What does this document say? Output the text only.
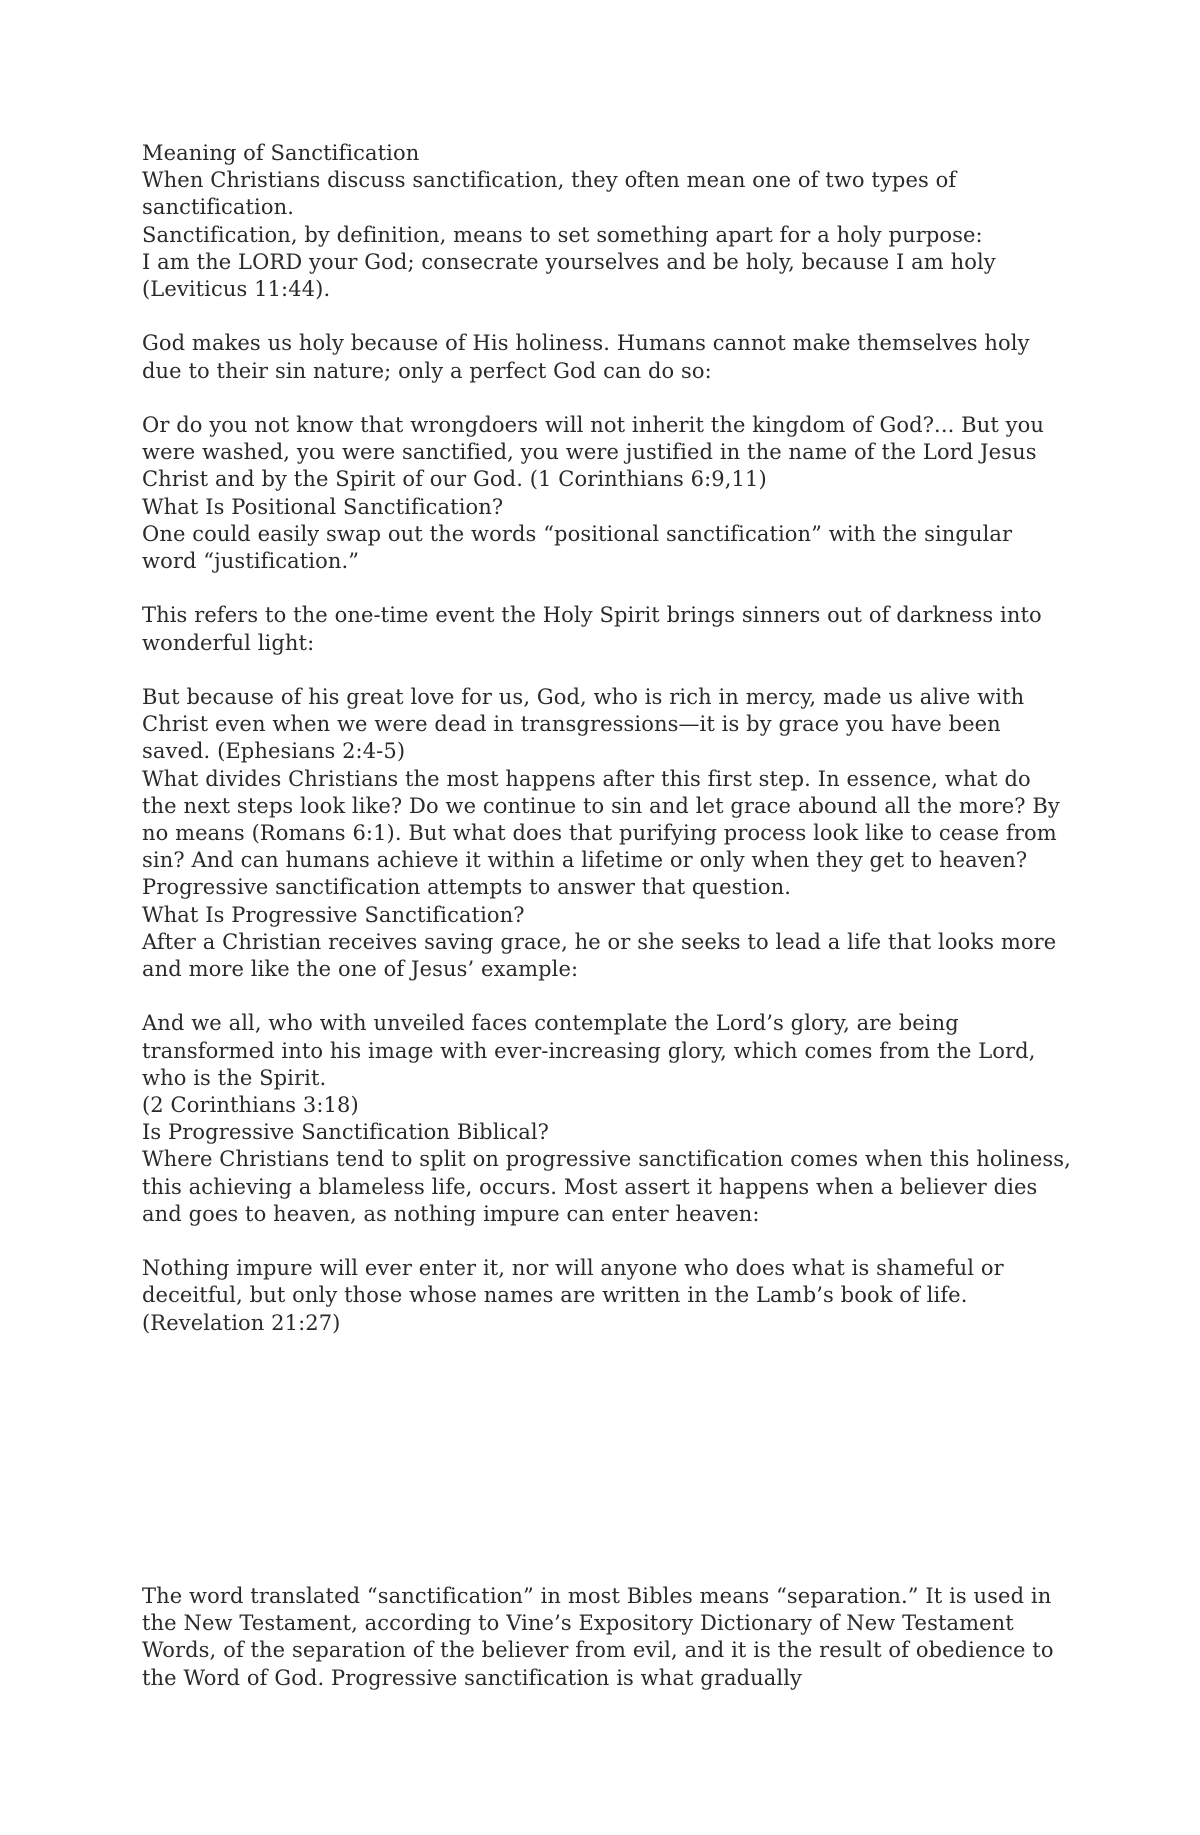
Meaning of Sanctification

When Christians discuss sanctification, they often mean one of two types of sanctification.

Sanctification, by definition, means to set something apart for a holy purpose:

I am the LORD your God; consecrate yourselves and be holy, because I am holy (Leviticus 11:44).

God makes us holy because of His holiness. Humans cannot make themselves holy due to their sin nature; only a perfect God can do so:

Or do you not know that wrongdoers will not inherit the kingdom of God?... But you were washed, you were sanctified, you were justified in the name of the Lord Jesus Christ and by the Spirit of our God. (1 Corinthians 6:9,11)

What Is Positional Sanctification?

One could easily swap out the words “positional sanctification” with the singular word “justification.”

This refers to the one-time event the Holy Spirit brings sinners out of darkness into wonderful light:

But because of his great love for us, God, who is rich in mercy, made us alive with Christ even when we were dead in transgressions—it is by grace you have been saved. (Ephesians 2:4-5)

What divides Christians the most happens after this first step. In essence, what do the next steps look like? Do we continue to sin and let grace abound all the more? By no means (Romans 6:1). But what does that purifying process look like to cease from sin? And can humans achieve it within a lifetime or only when they get to heaven? Progressive sanctification attempts to answer that question.

What Is Progressive Sanctification?

After a Christian receives saving grace, he or she seeks to lead a life that looks more and more like the one of Jesus’ example:

And we all, who with unveiled faces contemplate the Lord’s glory, are being transformed into his image with ever-increasing glory, which comes from the Lord, who is the Spirit.

(2 Corinthians 3:18)

Is Progressive Sanctification Biblical?

Where Christians tend to split on progressive sanctification comes when this holiness, this achieving a blameless life, occurs. Most assert it happens when a believer dies and goes to heaven, as nothing impure can enter heaven:

Nothing impure will ever enter it, nor will anyone who does what is shameful or deceitful, but only those whose names are written in the Lamb’s book of life. (Revelation 21:27)

The word translated “sanctification” in most Bibles means “separation.” It is used in the New Testament, according to Vine’s Expository Dictionary of New Testament Words, of the separation of the believer from evil, and it is the result of obedience to the Word of God. Progressive sanctification is what gradually
